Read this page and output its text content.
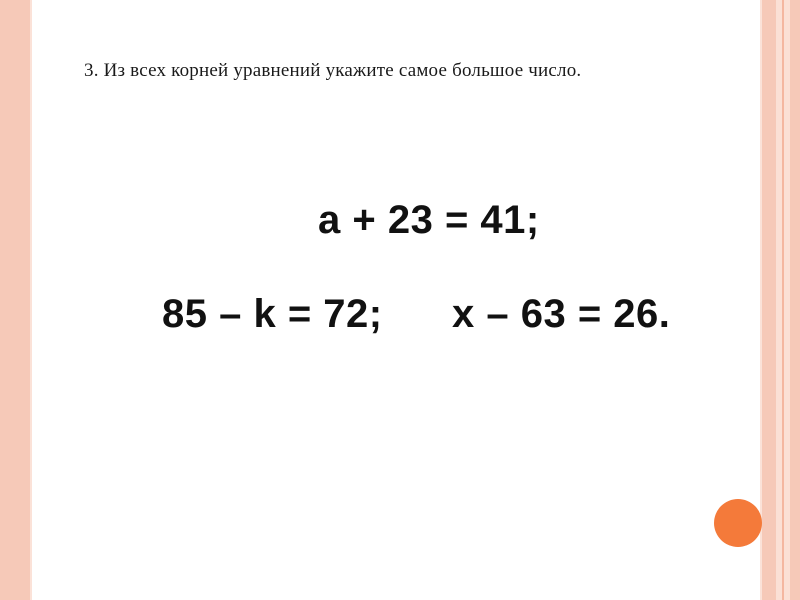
3. Из всех корней уравнений укажите самое большое число.
a + 23 = 41;
85 – k = 72; x – 63 = 26.
